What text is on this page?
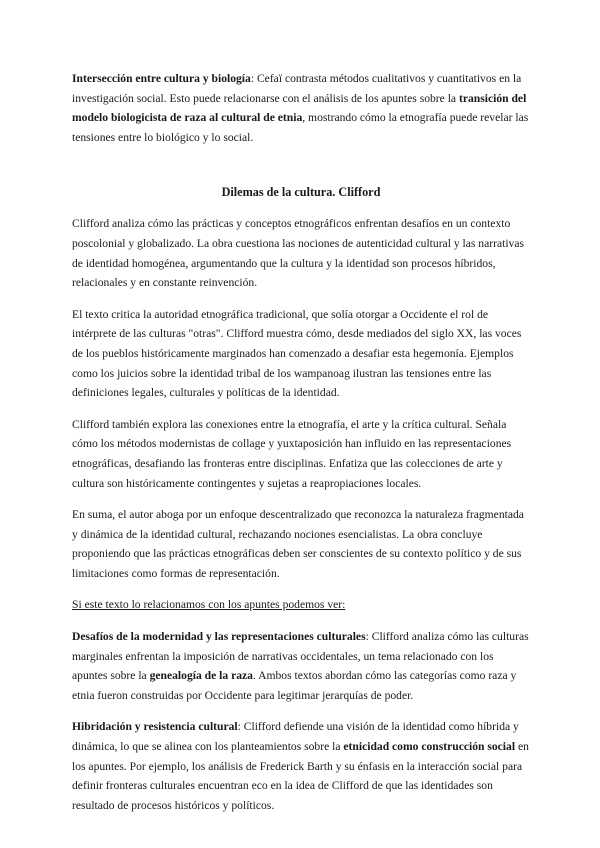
Intersección entre cultura y biología: Cefaï contrasta métodos cualitativos y cuantitativos en la investigación social. Esto puede relacionarse con el análisis de los apuntes sobre la transición del modelo biologicista de raza al cultural de etnia, mostrando cómo la etnografía puede revelar las tensiones entre lo biológico y lo social.

Dilemas de la cultura. Clifford

Clifford analiza cómo las prácticas y conceptos etnográficos enfrentan desafíos en un contexto poscolonial y globalizado. La obra cuestiona las nociones de autenticidad cultural y las narrativas de identidad homogénea, argumentando que la cultura y la identidad son procesos híbridos, relacionales y en constante reinvención.

El texto critica la autoridad etnográfica tradicional, que solía otorgar a Occidente el rol de intérprete de las culturas "otras". Clifford muestra cómo, desde mediados del siglo XX, las voces de los pueblos históricamente marginados han comenzado a desafiar esta hegemonía. Ejemplos como los juicios sobre la identidad tribal de los wampanoag ilustran las tensiones entre las definiciones legales, culturales y políticas de la identidad.

Clifford también explora las conexiones entre la etnografía, el arte y la crítica cultural. Señala cómo los métodos modernistas de collage y yuxtaposición han influido en las representaciones etnográficas, desafiando las fronteras entre disciplinas. Enfatiza que las colecciones de arte y cultura son históricamente contingentes y sujetas a reapropiaciones locales.

En suma, el autor aboga por un enfoque descentralizado que reconozca la naturaleza fragmentada y dinámica de la identidad cultural, rechazando nociones esencialistas. La obra concluye proponiendo que las prácticas etnográficas deben ser conscientes de su contexto político y de sus limitaciones como formas de representación.

Si este texto lo relacionamos con los apuntes podemos ver:

Desafíos de la modernidad y las representaciones culturales: Clifford analiza cómo las culturas marginales enfrentan la imposición de narrativas occidentales, un tema relacionado con los apuntes sobre la genealogía de la raza. Ambos textos abordan cómo las categorías como raza y etnia fueron construidas por Occidente para legitimar jerarquías de poder.

Hibridación y resistencia cultural: Clifford defiende una visión de la identidad como híbrida y dinámica, lo que se alinea con los planteamientos sobre la etnicidad como construcción social en los apuntes. Por ejemplo, los análisis de Frederick Barth y su énfasis en la interacción social para definir fronteras culturales encuentran eco en la idea de Clifford de que las identidades son resultado de procesos históricos y políticos.
